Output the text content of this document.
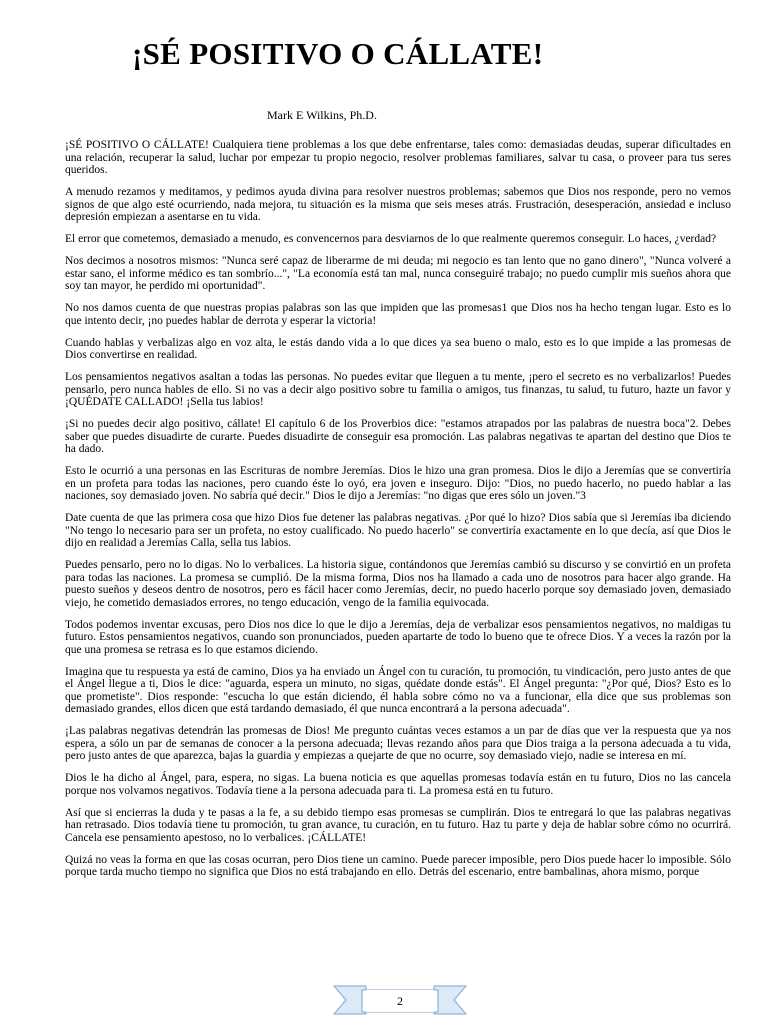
¡SÉ POSITIVO O CÁLLATE!
Mark E Wilkins, Ph.D.

¡SÉ POSITIVO O CÁLLATE! Cualquiera tiene problemas a los que debe enfrentarse, tales como: demasiadas deudas, superar dificultades en una relación, recuperar la salud, luchar por empezar tu propio negocio, resolver problemas familiares, salvar tu casa, o proveer para tus seres queridos.

A menudo rezamos y meditamos, y pedimos ayuda divina para resolver nuestros problemas; sabemos que Dios nos responde, pero no vemos signos de que algo esté ocurriendo, nada mejora, tu situación es la misma que seis meses atrás. Frustración, desesperación, ansiedad e incluso depresión empiezan a asentarse en tu vida.

El error que cometemos, demasiado a menudo, es convencernos para desviarnos de lo que realmente queremos conseguir. Lo haces, ¿verdad?

Nos decimos a nosotros mismos: "Nunca seré capaz de liberarme de mi deuda; mi negocio es tan lento que no gano dinero", "Nunca volveré a estar sano, el informe médico es tan sombrío...", "La economía está tan mal, nunca conseguiré trabajo; no puedo cumplir mis sueños ahora que soy tan mayor, he perdido mi oportunidad".

No nos damos cuenta de que nuestras propias palabras son las que impiden que las promesas1 que Dios nos ha hecho tengan lugar. Esto es lo que intento decir, ¡no puedes hablar de derrota y esperar la victoria!

Cuando hablas y verbalizas algo en voz alta, le estás dando vida a lo que dices ya sea bueno o malo, esto es lo que impide a las promesas de Dios convertirse en realidad.

Los pensamientos negativos asaltan a todas las personas. No puedes evitar que lleguen a tu mente, ¡pero el secreto es no verbalizarlos! Puedes pensarlo, pero nunca hables de ello. Si no vas a decir algo positivo sobre tu familia o amigos, tus finanzas, tu salud, tu futuro, hazte un favor y ¡QUÉDATE CALLADO! ¡Sella tus labios!

¡Si no puedes decir algo positivo, cállate! El capítulo 6 de los Proverbios dice: "estamos atrapados por las palabras de nuestra boca"2. Debes saber que puedes disuadirte de curarte. Puedes disuadirte de conseguir esa promoción. Las palabras negativas te apartan del destino que Dios te ha dado.

Esto le ocurrió a una personas en las Escrituras de nombre Jeremías. Dios le hizo una gran promesa. Dios le dijo a Jeremías que se convertiría en un profeta para todas las naciones, pero cuando éste lo oyó, era joven e inseguro. Dijo: "Dios, no puedo hacerlo, no puedo hablar a las naciones, soy demasiado joven. No sabría qué decir." Dios le dijo a Jeremías: "no digas que eres sólo un joven."3

Date cuenta de que las primera cosa que hizo Dios fue detener las palabras negativas. ¿Por qué lo hizo? Dios sabía que si Jeremías iba diciendo "No tengo lo necesario para ser un profeta, no estoy cualificado. No puedo hacerlo" se convertiría exactamente en lo que decía, así que Dios le dijo en realidad a Jeremías Calla, sella tus labios.

Puedes pensarlo, pero no lo digas. No lo verbalices. La historia sigue, contándonos que Jeremías cambió su discurso y se convirtió en un profeta para todas las naciones. La promesa se cumplió. De la misma forma, Dios nos ha llamado a cada uno de nosotros para hacer algo grande. Ha puesto sueños y deseos dentro de nosotros, pero es fácil hacer como Jeremías, decir, no puedo hacerlo porque soy demasiado joven, demasiado viejo, he cometido demasiados errores, no tengo educación, vengo de la familia equivocada.

Todos podemos inventar excusas, pero Dios nos dice lo que le dijo a Jeremías, deja de verbalizar esos pensamientos negativos, no maldigas tu futuro. Estos pensamientos negativos, cuando son pronunciados, pueden apartarte de todo lo bueno que te ofrece Dios. Y a veces la razón por la que una promesa se retrasa es lo que estamos diciendo.

Imagina que tu respuesta ya está de camino, Dios ya ha enviado un Ángel con tu curación, tu promoción, tu vindicación, pero justo antes de que el Ángel llegue a ti, Dios le dice: "aguarda, espera un minuto, no sigas, quédate donde estás". El Ángel pregunta: "¿Por qué, Dios? Esto es lo que prometiste". Dios responde: "escucha lo que están diciendo, él habla sobre cómo no va a funcionar, ella dice que sus problemas son demasiado grandes, ellos dicen que está tardando demasiado, él que nunca encontrará a la persona adecuada".

¡Las palabras negativas detendrán las promesas de Dios! Me pregunto cuántas veces estamos a un par de días que ver la respuesta que ya nos espera, a sólo un par de semanas de conocer a la persona adecuada; llevas rezando años para que Dios traiga a la persona adecuada a tu vida, pero justo antes de que aparezca, bajas la guardia y empiezas a quejarte de que no ocurre, soy demasiado viejo, nadie se interesa en mí.

Dios le ha dicho al Ángel, para, espera, no sigas. La buena noticia es que aquellas promesas todavía están en tu futuro, Dios no las cancela porque nos volvamos negativos. Todavía tiene a la persona adecuada para ti. La promesa está en tu futuro.

Así que si encierras la duda y te pasas a la fe, a su debido tiempo esas promesas se cumplirán. Dios te entregará lo que las palabras negativas han retrasado. Dios todavía tiene tu promoción, tu gran avance, tu curación, en tu futuro. Haz tu parte y deja de hablar sobre cómo no ocurrirá. Cancela ese pensamiento apestoso, no lo verbalices. ¡CÁLLATE!

Quizá no veas la forma en que las cosas ocurran, pero Dios tiene un camino. Puede parecer imposible, pero Dios puede hacer lo imposible. Sólo porque tarda mucho tiempo no significa que Dios no está trabajando en ello. Detrás del escenario, entre bambalinas, ahora mismo, porque

2
